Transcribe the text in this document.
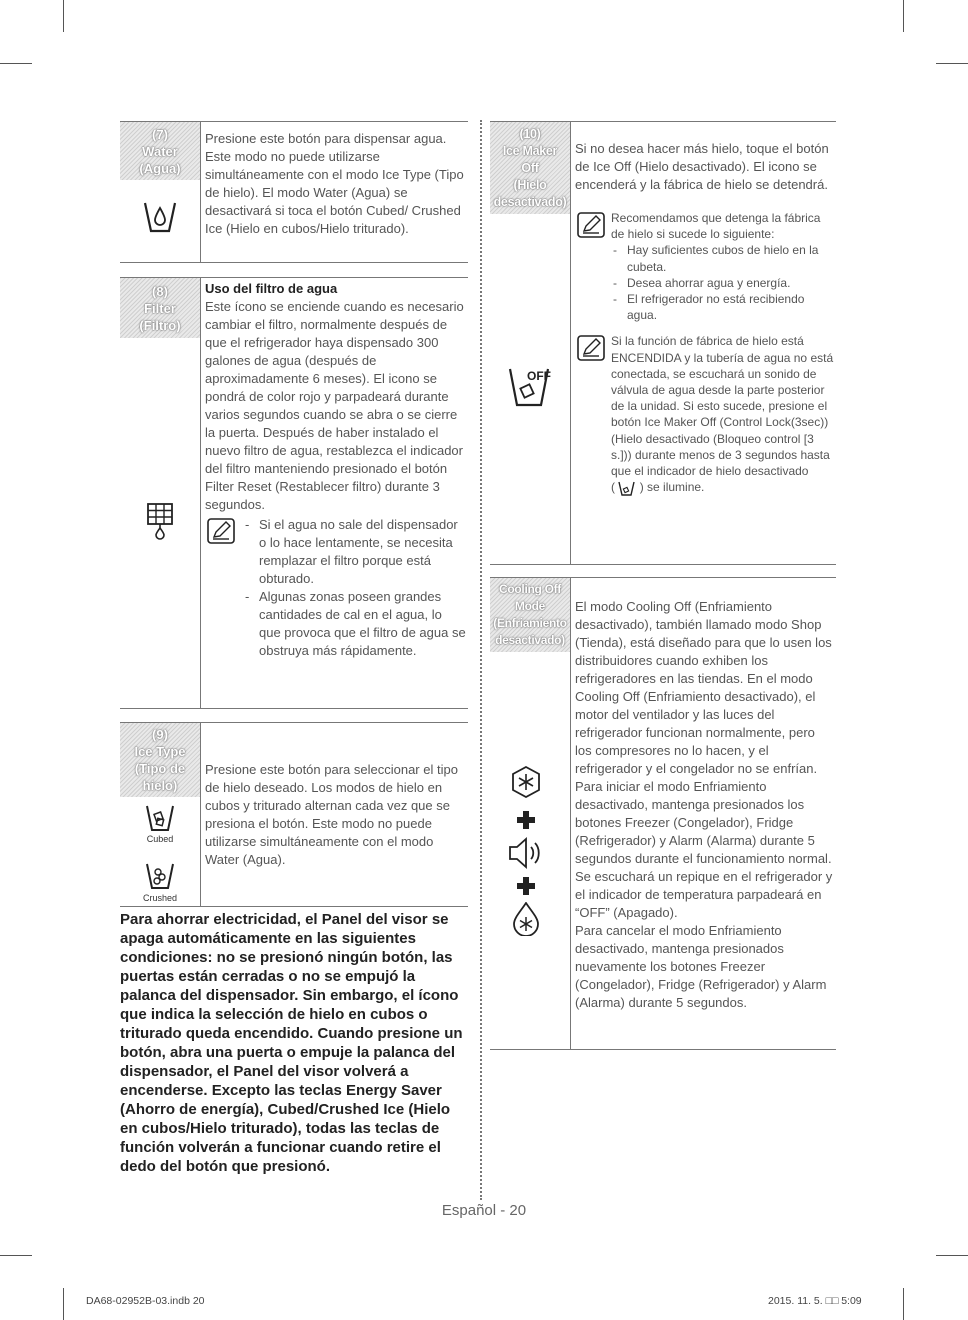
(7)
Water
(Agua)

Presione este botón para dispensar agua. Este modo no puede utilizarse simultáneamente con el modo Ice Type (Tipo de hielo). El modo Water (Agua) se desactivará si toca el botón Cubed/ Crushed Ice (Hielo en cubos/Hielo triturado).

(8)
Filter
(Filtro)

Uso del filtro de agua

Este ícono se enciende cuando es necesario cambiar el filtro, normalmente después de que el refrigerador haya dispensado 300 galones de agua (después de aproximadamente 6 meses). El icono se pondrá de color rojo y parpadeará durante varios segundos cuando se abra o se cierre la puerta. Después de haber instalado el nuevo filtro de agua, restablezca el indicador del filtro manteniendo presionado el botón Filter Reset (Restablecer filtro) durante 3 segundos.

- Si el agua no sale del dispensador o lo hace lentamente, se necesita remplazar el filtro porque está obturado.
- Algunas zonas poseen grandes cantidades de cal en el agua, lo que provoca que el filtro de agua se obstruya más rápidamente.
(9)
Ice Type
(Tipo de
hielo)
Cubed
Crushed

Presione este botón para seleccionar el tipo de hielo deseado. Los modos de hielo en cubos y triturado alternan cada vez que se presiona el botón. Este modo no puede utilizarse simultáneamente con el modo Water (Agua).

Para ahorrar electricidad, el Panel del visor se apaga automáticamente en las siguientes condiciones: no se presionó ningún botón, las puertas están cerradas o no se empujó la palanca del dispensador. Sin embargo, el ícono que indica la selección de hielo en cubos o triturado queda encendido. Cuando presione un botón, abra una puerta o empuje la palanca del dispensador, el Panel del visor volverá a encenderse. Excepto las teclas Energy Saver (Ahorro de energía), Cubed/Crushed Ice (Hielo en cubos/Hielo triturado), todas las teclas de función volverán a funcionar cuando retire el dedo del botón que presionó.

(10)
Ice Maker
Off
(Hielo
desactivado)
OFF

Si no desea hacer más hielo, toque el botón de Ice Off (Hielo desactivado). El icono se encenderá y la fábrica de hielo se detendrá.

Recomendamos que detenga la fábrica de hielo si sucede lo siguiente:
- Hay suficientes cubos de hielo en la cubeta.
- Desea ahorrar agua y energía.
- El refrigerador no está recibiendo agua.
Si la función de fábrica de hielo está ENCENDIDA y la tubería de agua no está conectada, se escuchará un sonido de válvula de agua desde la parte posterior de la unidad. Si esto sucede, presione el botón Ice Maker Off (Control Lock(3sec)) (Hielo desactivado (Bloqueo control [3 s.])) durante menos de 3 segundos hasta que el indicador de hielo desactivado
( ) se ilumine.
Cooling Off
Mode
(Enfriamiento
desactivado)

El modo Cooling Off (Enfriamiento desactivado), también llamado modo Shop (Tienda), está diseñado para que lo usen los distribuidores cuando exhiben los refrigeradores en las tiendas. En el modo Cooling Off (Enfriamiento desactivado), el motor del ventilador y las luces del refrigerador funcionan normalmente, pero los compresores no lo hacen, y el refrigerador y el congelador no se enfrían. Para iniciar el modo Enfriamiento desactivado, mantenga presionados los botones Freezer (Congelador), Fridge (Refrigerador) y Alarm (Alarma) durante 5 segundos durante el funcionamiento normal.

Se escuchará un repique en el refrigerador y el indicador de temperatura parpadeará en “OFF” (Apagado).

Para cancelar el modo Enfriamiento desactivado, mantenga presionados nuevamente los botones Freezer (Congelador), Fridge (Refrigerador) y Alarm (Alarma) durante 5 segundos.

Español - 20
DA68-02952B-03.indb 20	2015. 11. 5. □□ 5:09
